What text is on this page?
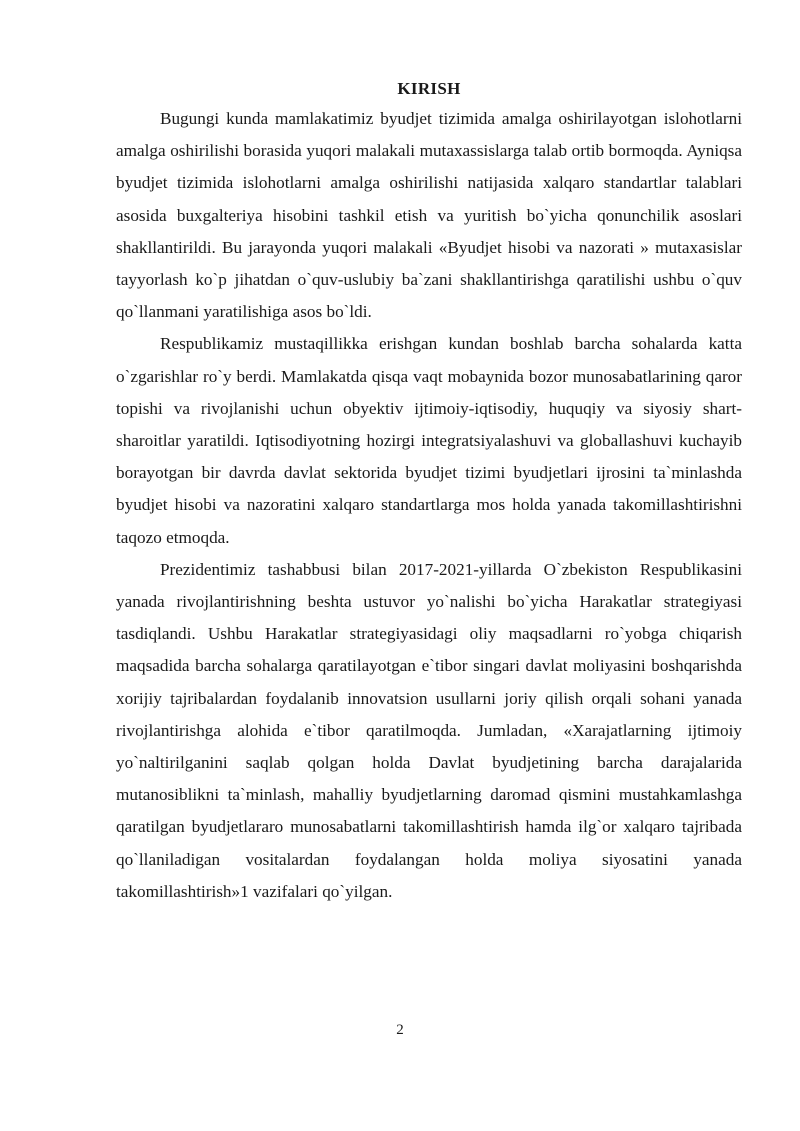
KIRISH

Bugungi kunda mamlakatimiz byudjet tizimida amalga oshirilayotgan islohotlarni amalga oshirilishi borasida yuqori malakali mutaxassislarga talab ortib bormoqda. Ayniqsa byudjet tizimida islohotlarni amalga oshirilishi natijasida xalqaro standartlar talablari asosida buxgalteriya hisobini tashkil etish va yuritish bo`yicha qonunchilik asoslari shakllantirildi. Bu jarayonda yuqori malakali «Byudjet hisobi va nazorati » mutaxasislar tayyorlash ko`p jihatdan o`quv-uslubiy ba`zani shakllantirishga qaratilishi ushbu o`quv qo`llanmani yaratilishiga asos bo`ldi.

Respublikamiz mustaqillikka erishgan kundan boshlab barcha sohalarda katta o`zgarishlar ro`y berdi. Mamlakatda qisqa vaqt mobaynida bozor munosabatlarining qaror topishi va rivojlanishi uchun obyektiv ijtimoiy-iqtisodiy, huquqiy va siyosiy shart-sharoitlar yaratildi. Iqtisodiyotning hozirgi integratsiyalashuvi va globallashuvi kuchayib borayotgan bir davrda davlat sektorida byudjet tizimi byudjetlari ijrosini ta`minlashda byudjet hisobi va nazoratini xalqaro standartlarga mos holda yanada takomillashtirishni taqozo etmoqda.

Prezidentimiz tashabbusi bilan 2017-2021-yillarda O`zbekiston Respublikasini yanada rivojlantirishning beshta ustuvor yo`nalishi bo`yicha Harakatlar strategiyasi tasdiqlandi. Ushbu Harakatlar strategiyasidagi oliy maqsadlarni ro`yobga chiqarish maqsadida barcha sohalarga qaratilayotgan e`tibor singari davlat moliyasini boshqarishda xorijiy tajribalardan foydalanib innovatsion usullarni joriy qilish orqali sohani yanada rivojlantirishga alohida e`tibor qaratilmoqda. Jumladan, «Xarajatlarning ijtimoiy yo`naltirilganini saqlab qolgan holda Davlat byudjetining barcha darajalarida mutanosiblikni ta`minlash, mahalliy byudjetlarning daromad qismini mustahkamlashga qaratilgan byudjetlararo munosabatlarni takomillashtirish hamda ilg`or xalqaro tajribada qo`llaniladigan vositalardan foydalangan holda moliya siyosatini yanada takomillashtirish»1 vazifalari qo`yilgan.

2
